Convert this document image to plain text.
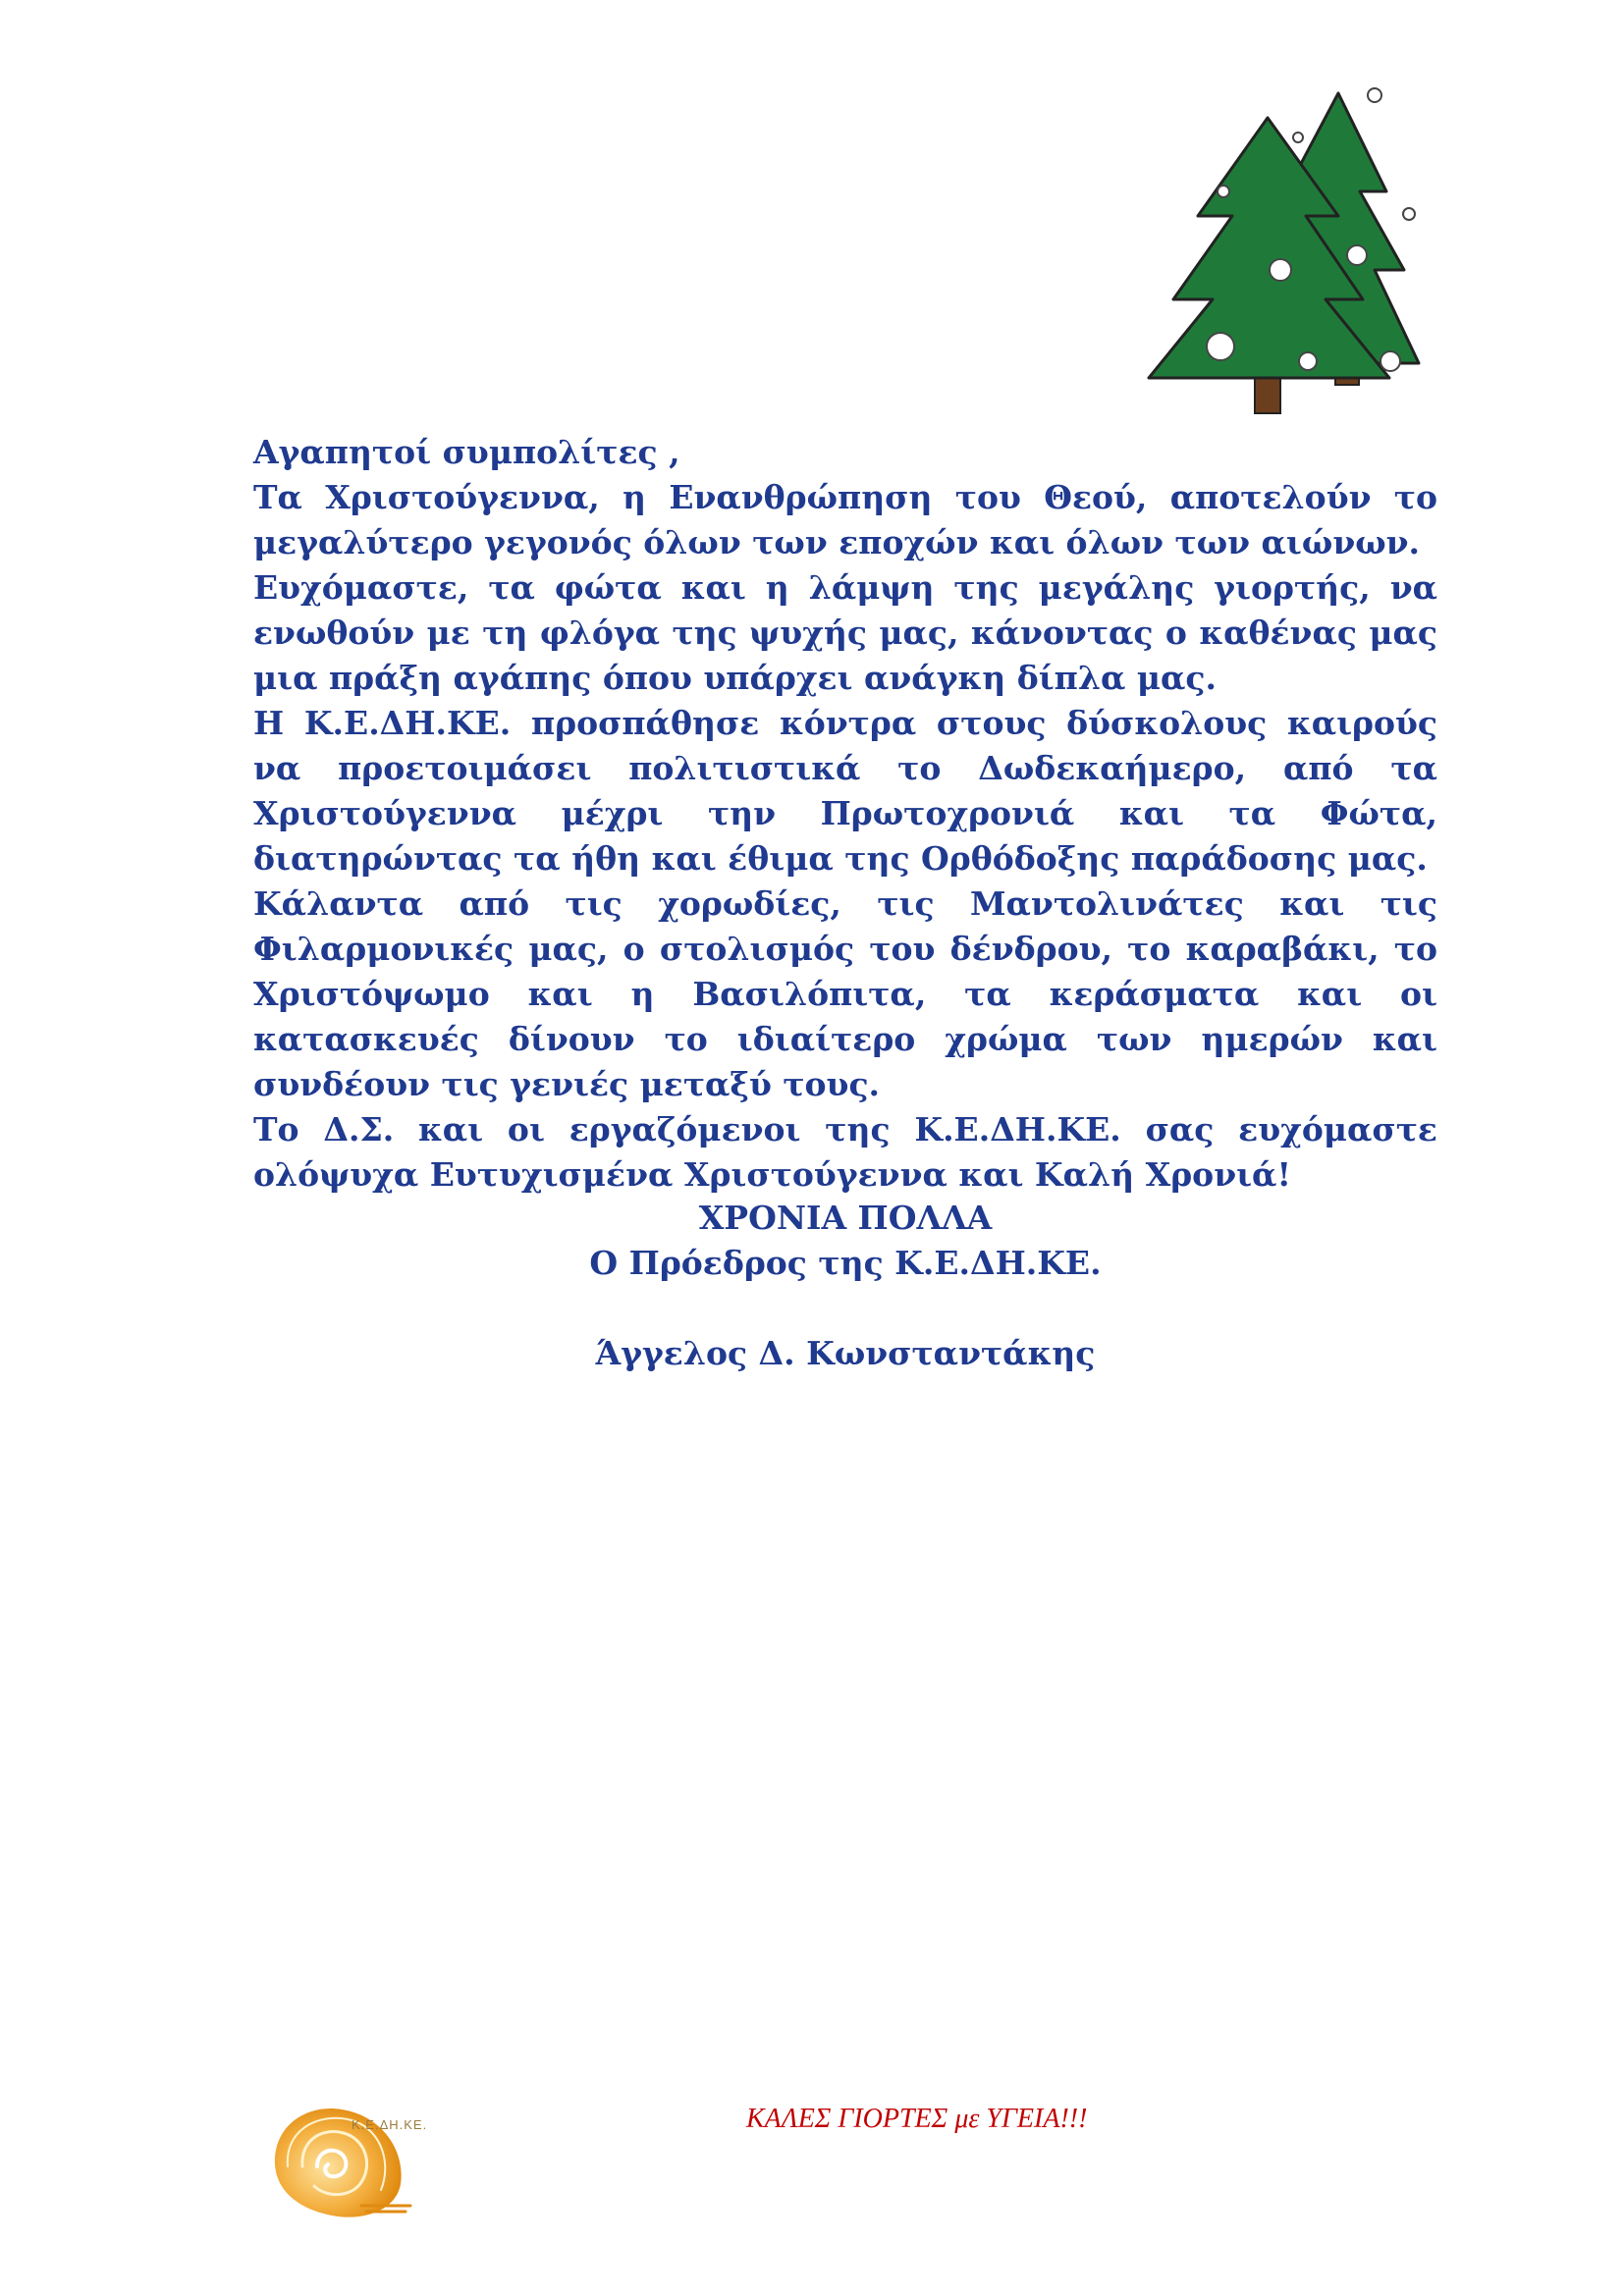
Αγαπητοί συμπολίτες ,

Τα Χριστούγεννα, η Ενανθρώπηση του Θεού, αποτελούν το μεγαλύτερο γεγονός όλων των εποχών και όλων των αιώνων.

Ευχόμαστε, τα φώτα και η λάμψη της μεγάλης γιορτής, να ενωθούν με τη φλόγα της ψυχής μας, κάνοντας ο καθένας μας μια πράξη αγάπης όπου υπάρχει ανάγκη δίπλα μας.

Η Κ.Ε.ΔΗ.ΚΕ. προσπάθησε κόντρα στους δύσκολους καιρούς να προετοιμάσει πολιτιστικά το Δωδεκαήμερο, από τα Χριστούγεννα μέχρι την Πρωτοχρονιά και τα Φώτα, διατηρώντας τα ήθη και έθιμα της Ορθόδοξης παράδοσης μας.

Κάλαντα από τις χορωδίες, τις Μαντολινάτες και τις Φιλαρμονικές μας, ο στολισμός του δένδρου, το καραβάκι, το Χριστόψωμο και η Βασιλόπιτα, τα κεράσματα και οι κατασκευές δίνουν το ιδιαίτερο χρώμα των ημερών και συνδέουν τις γενιές μεταξύ τους.

Το Δ.Σ. και οι εργαζόμενοι της Κ.Ε.ΔΗ.ΚΕ. σας ευχόμαστε ολόψυχα Ευτυχισμένα Χριστούγεννα και Καλή Χρονιά!

ΧΡΟΝΙΑ ΠΟΛΛΑ
Ο Πρόεδρος της Κ.Ε.ΔΗ.ΚΕ.
Άγγελος Δ. Κωνσταντάκης
Κ.Ε.ΔΗ.ΚΕ.	ΚΑΛΕΣ ΓΙΟΡΤΕΣ με ΥΓΕΙΑ!!!
